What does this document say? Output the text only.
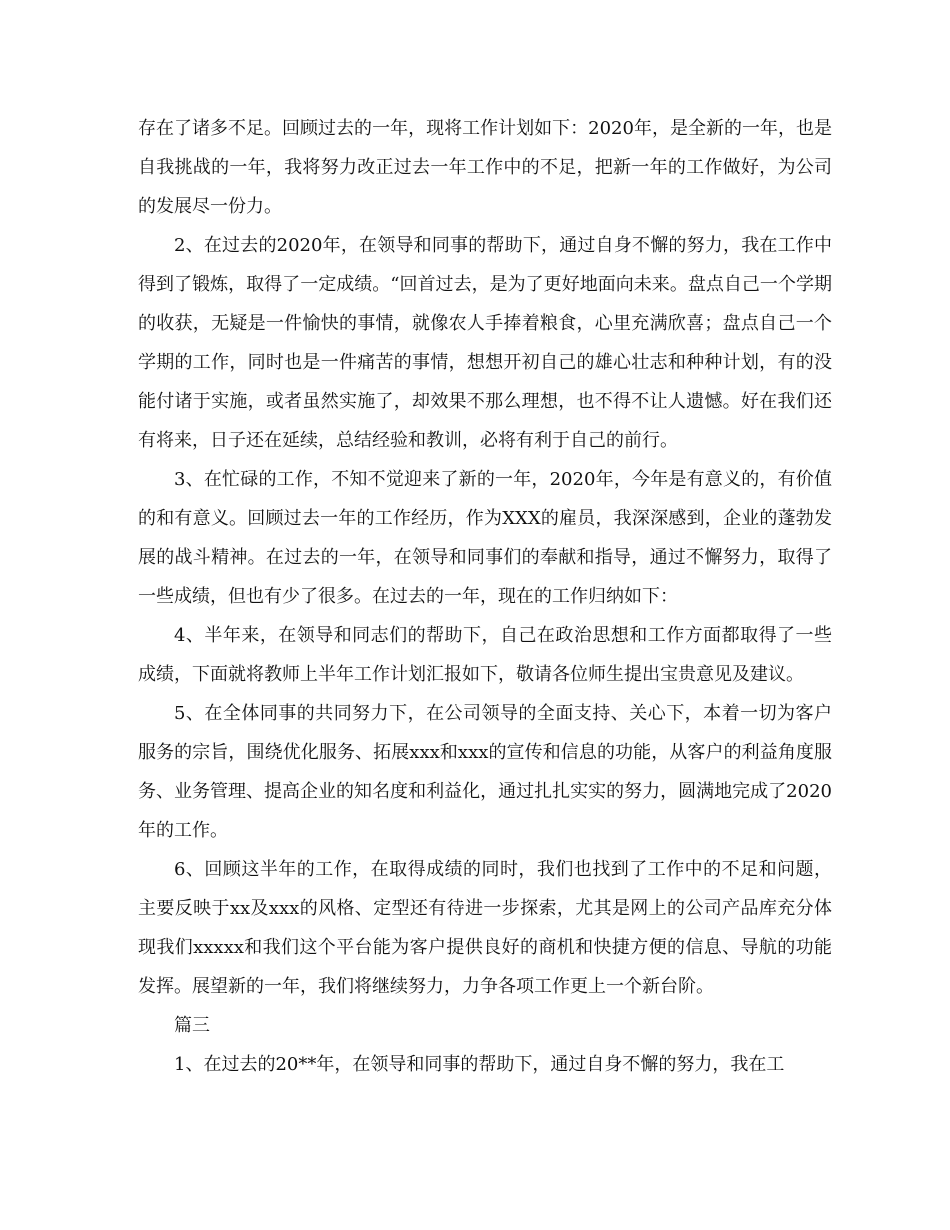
存在了诸多不足。回顾过去的一年，现将工作计划如下：2020年，是全新的一年，也是自我挑战的一年，我将努力改正过去一年工作中的不足，把新一年的工作做好，为公司的发展尽一份力。

2、在过去的2020年，在领导和同事的帮助下，通过自身不懈的努力，我在工作中得到了锻炼，取得了一定成绩。“回首过去，是为了更好地面向未来。盘点自己一个学期的收获，无疑是一件愉快的事情，就像农人手捧着粮食，心里充满欣喜；盘点自己一个学期的工作，同时也是一件痛苦的事情，想想开初自己的雄心壮志和种种计划，有的没能付诸于实施，或者虽然实施了，却效果不那么理想，也不得不让人遗憾。好在我们还有将来，日子还在延续，总结经验和教训，必将有利于自己的前行。

3、在忙碌的工作，不知不觉迎来了新的一年，2020年，今年是有意义的，有价值的和有意义。回顾过去一年的工作经历，作为XXX的雇员，我深深感到，企业的蓬勃发展的战斗精神。在过去的一年，在领导和同事们的奉献和指导，通过不懈努力，取得了一些成绩，但也有少了很多。在过去的一年，现在的工作归纳如下：

4、半年来，在领导和同志们的帮助下，自己在政治思想和工作方面都取得了一些成绩，下面就将教师上半年工作计划汇报如下，敬请各位师生提出宝贵意见及建议。

5、在全体同事的共同努力下，在公司领导的全面支持、关心下，本着一切为客户服务的宗旨，围绕优化服务、拓展xxx和xxx的宣传和信息的功能，从客户的利益角度服务、业务管理、提高企业的知名度和利益化，通过扎扎实实的努力，圆满地完成了2020年的工作。

6、回顾这半年的工作，在取得成绩的同时，我们也找到了工作中的不足和问题，主要反映于xx及xxx的风格、定型还有待进一步探索，尤其是网上的公司产品库充分体现我们xxxxx和我们这个平台能为客户提供良好的商机和快捷方便的信息、导航的功能发挥。展望新的一年，我们将继续努力，力争各项工作更上一个新台阶。

篇三

1、在过去的20**年，在领导和同事的帮助下，通过自身不懈的努力，我在工
